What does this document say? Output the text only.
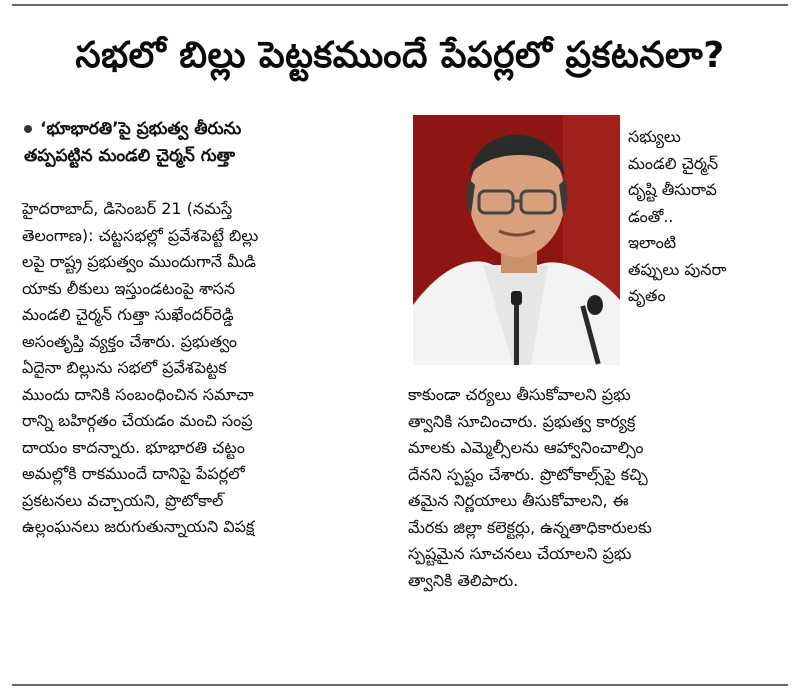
సభలో బిల్లు పెట్టకముందే పేపర్లలో ప్రకటనలా?
‘భూభారతి’పై ప్రభుత్వ తీరును
తప్పపట్టిన మండలి చైర్మన్ గుత్తా
హైదరాబాద్, డిసెంబర్ 21 (నమస్తే
తెలంగాణ): చట్టసభల్లో ప్రవేశపెట్టే బిల్లు
లపై రాష్ట్ర ప్రభుత్వం ముందుగానే మీడి
యాకు లీకులు ఇస్తుండటంపై శాసన
మండలి చైర్మన్ గుత్తా సుఖేందర్‌రెడ్డి
అసంతృప్తి వ్యక్తం చేశారు. ప్రభుత్వం
ఏదైనా బిల్లును సభలో ప్రవేశపెట్టక
ముందు దానికి సంబంధించిన సమాచా
రాన్ని బహిర్గతం చేయడం మంచి సంప్ర
దాయం కాదన్నారు. భూభారతి చట్టం
అమల్లోకి రాకముందే దానిపై పేపర్లలో
ప్రకటనలు వచ్చాయని, ప్రొటోకాల్
ఉల్లంఘనలు జరుగుతున్నాయని విపక్ష
సభ్యులు
మండలి చైర్మన్
దృష్టి తీసురావ
డంతో..
ఇలాంటి
తప్పులు పునరా
వృతం
కాకుండా చర్యలు తీసుకోవాలని ప్రభు
త్వానికి సూచించారు. ప్రభుత్వ కార్యక్ర
మాలకు ఎమ్మెల్సీలను ఆహ్వానించాల్సిం
దేనని స్పష్టం చేశారు. ప్రొటోకాల్స్‌పై కచ్చి
తమైన నిర్ణయాలు తీసుకోవాలని, ఈ
మేరకు జిల్లా కలెక్టర్లు, ఉన్నతాధికారులకు
స్పష్టమైన సూచనలు చేయాలని ప్రభు
త్వానికి తెలిపారు.
